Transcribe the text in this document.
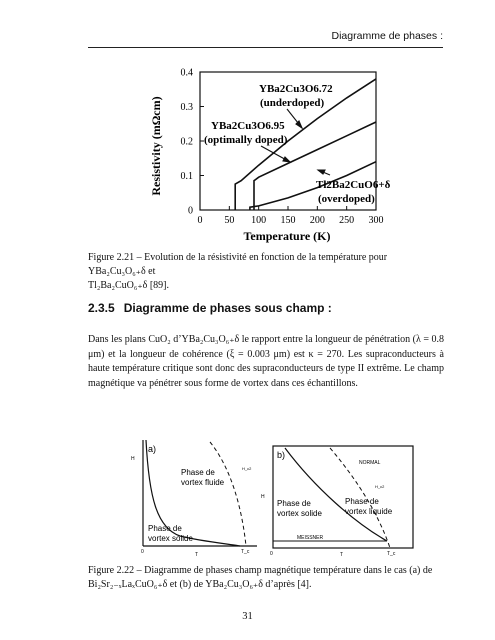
Diagramme de phases :
Resistivity (mΩcm)
Temperature (K)
0
0.1
0.2
0.3
0.4
0 50 100 150 200 250 300
YBa2Cu3O6.72
(underdoped)
YBa2Cu3O6.95
(optimally doped)
Tl2Ba2CuO6+δ
(overdoped)
Figure 2.21 – Evolution de la résistivité en fonction de la température pour YBa₂Cu₃O₆₊δ et
Tl₂Ba₂CuO₆₊δ [89].
2.3.5 Diagramme de phases sous champ :
Dans les plans CuO₂ d’YBa₂Cu₃O₆₊δ le rapport entre la longueur de pénétration (λ = 0.8 μm) et la longueur de cohérence (ξ = 0.003 μm) est κ = 270. Les supraconducteurs à haute température critique sont donc des supraconducteurs de type II extrême. Le champ magnétique va pénétrer sous forme de vortex dans ces échantillons.
a)
H
Phase de
vortex fluide
Phase de
vortex solide
H_c2
0	T	T_c
b)
H
NORMAL
Phase de
vortex solide
Phase de
vortex liquide
MEISSNER
H_c2
0	T	T_c
Figure 2.22 – Diagramme de phases champ magnétique température dans le cas (a) de
Bi₂Sr₂₋ₓLaₓCuO₆₊δ et (b) de YBa₂Cu₃O₆₊δ d’après [4].
31
